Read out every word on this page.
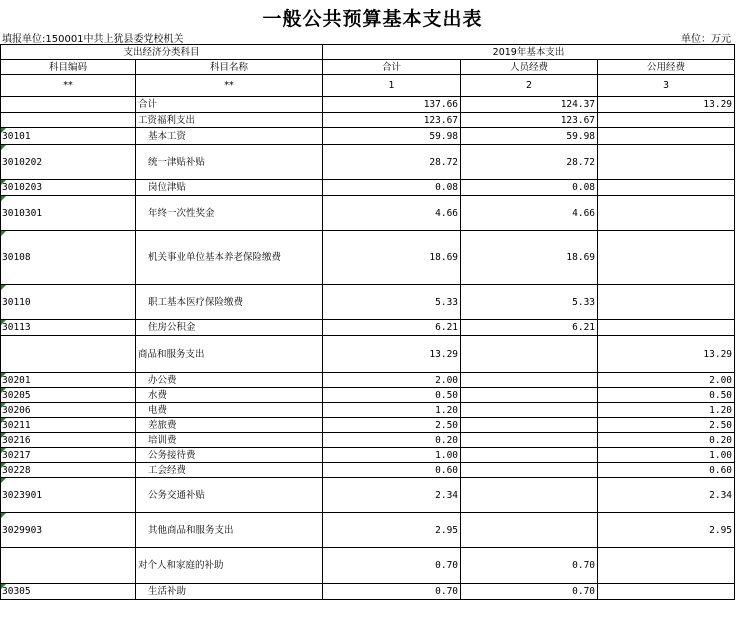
一般公共预算基本支出表
填报单位:150001中共上犹县委党校机关	单位：万元
支出经济分类科目		2019年基本支出		
科目编码	科目名称	合计	人员经费	公用经费
**	**	1	2	3
	合计	137.66	124.37	13.29
	工资福利支出	123.67	123.67	
30101	基本工资	59.98	59.98	
3010202	统一津贴补贴	28.72	28.72	
3010203	岗位津贴	0.08	0.08	
3010301	年终一次性奖金	4.66	4.66	
30108	机关事业单位基本养老保险缴费	18.69	18.69	
30110	职工基本医疗保险缴费	5.33	5.33	
30113	住房公积金	6.21	6.21	
	商品和服务支出	13.29		13.29
30201	办公费	2.00		2.00
30205	水费	0.50		0.50
30206	电费	1.20		1.20
30211	差旅费	2.50		2.50
30216	培训费	0.20		0.20
30217	公务接待费	1.00		1.00
30228	工会经费	0.60		0.60
3023901	公务交通补贴	2.34		2.34
3029903	其他商品和服务支出	2.95		2.95
	对个人和家庭的补助	0.70	0.70	
30305	生活补助	0.70	0.70	
